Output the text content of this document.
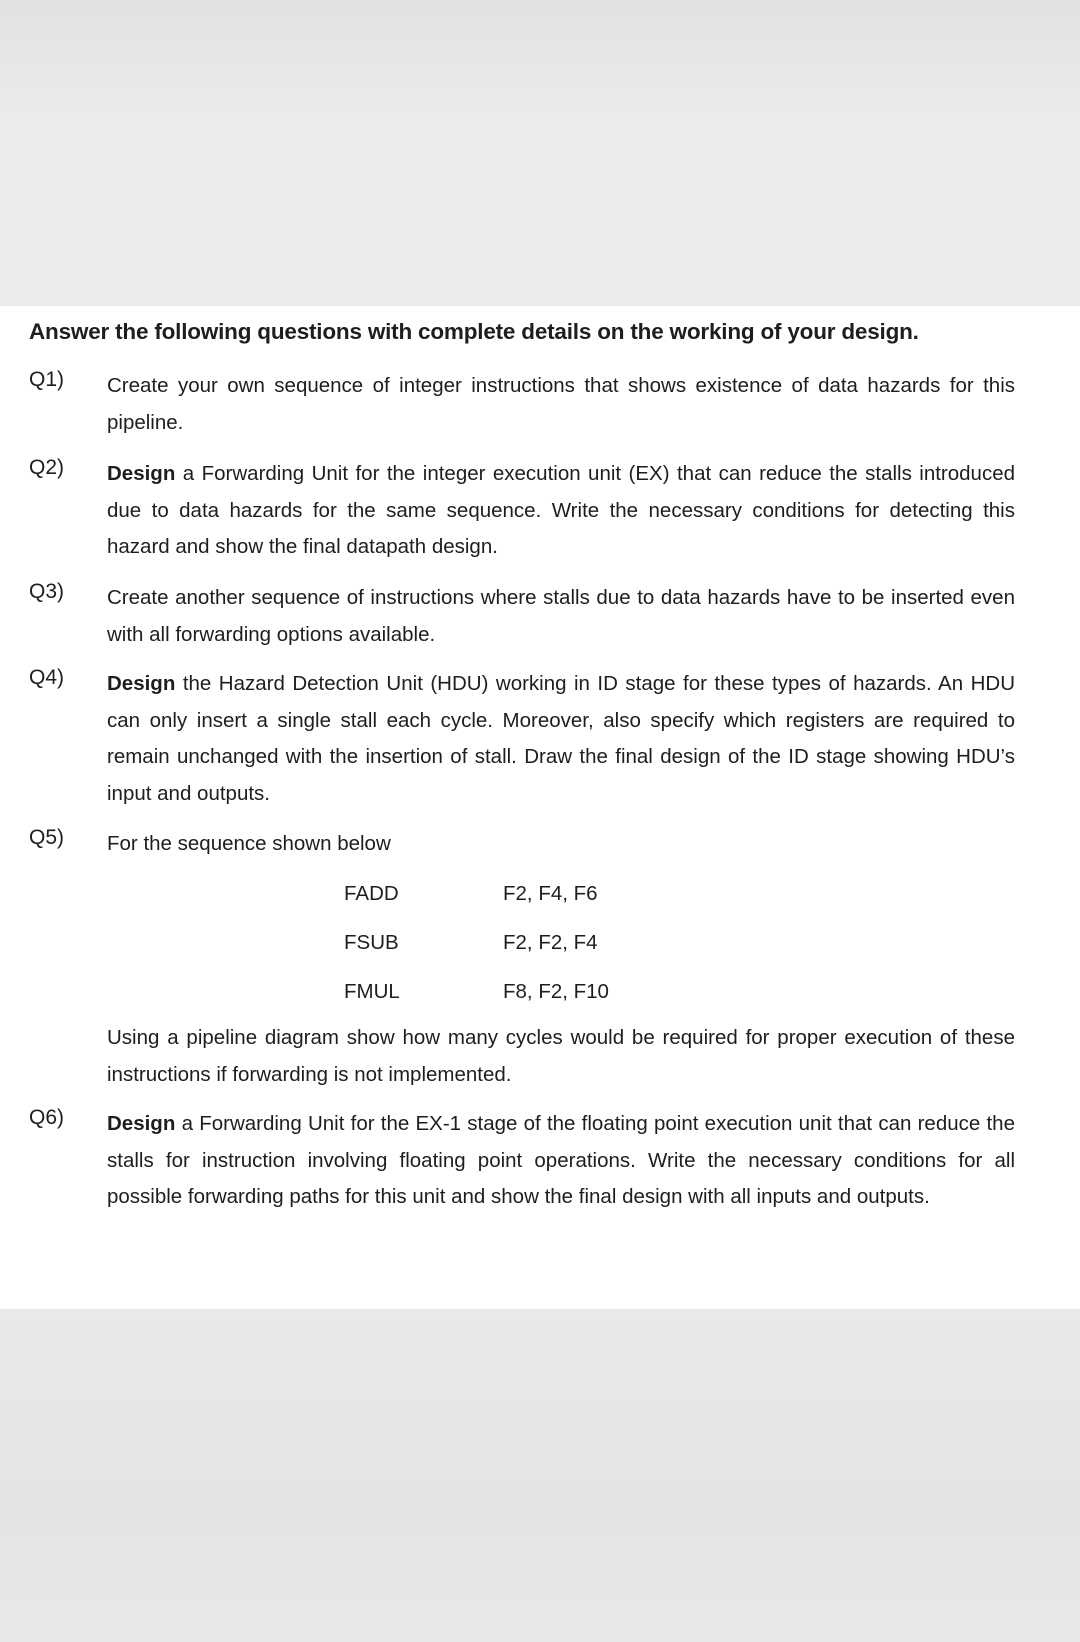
Answer the following questions with complete details on the working of your design.
Q1) Create your own sequence of integer instructions that shows existence of data hazards for this pipeline.
Q2) Design a Forwarding Unit for the integer execution unit (EX) that can reduce the stalls introduced due to data hazards for the same sequence. Write the necessary conditions for detecting this hazard and show the final datapath design.
Q3) Create another sequence of instructions where stalls due to data hazards have to be inserted even with all forwarding options available.
Q4) Design the Hazard Detection Unit (HDU) working in ID stage for these types of hazards. An HDU can only insert a single stall each cycle. Moreover, also specify which registers are required to remain unchanged with the insertion of stall. Draw the final design of the ID stage showing HDU’s input and outputs.
Q5) For the sequence shown below
FADD	F2, F4, F6
FSUB	F2, F2, F4
FMUL	F8, F2, F10
Using a pipeline diagram show how many cycles would be required for proper execution of these instructions if forwarding is not implemented.
Q6) Design a Forwarding Unit for the EX-1 stage of the floating point execution unit that can reduce the stalls for instruction involving floating point operations. Write the necessary conditions for all possible forwarding paths for this unit and show the final design with all inputs and outputs.
